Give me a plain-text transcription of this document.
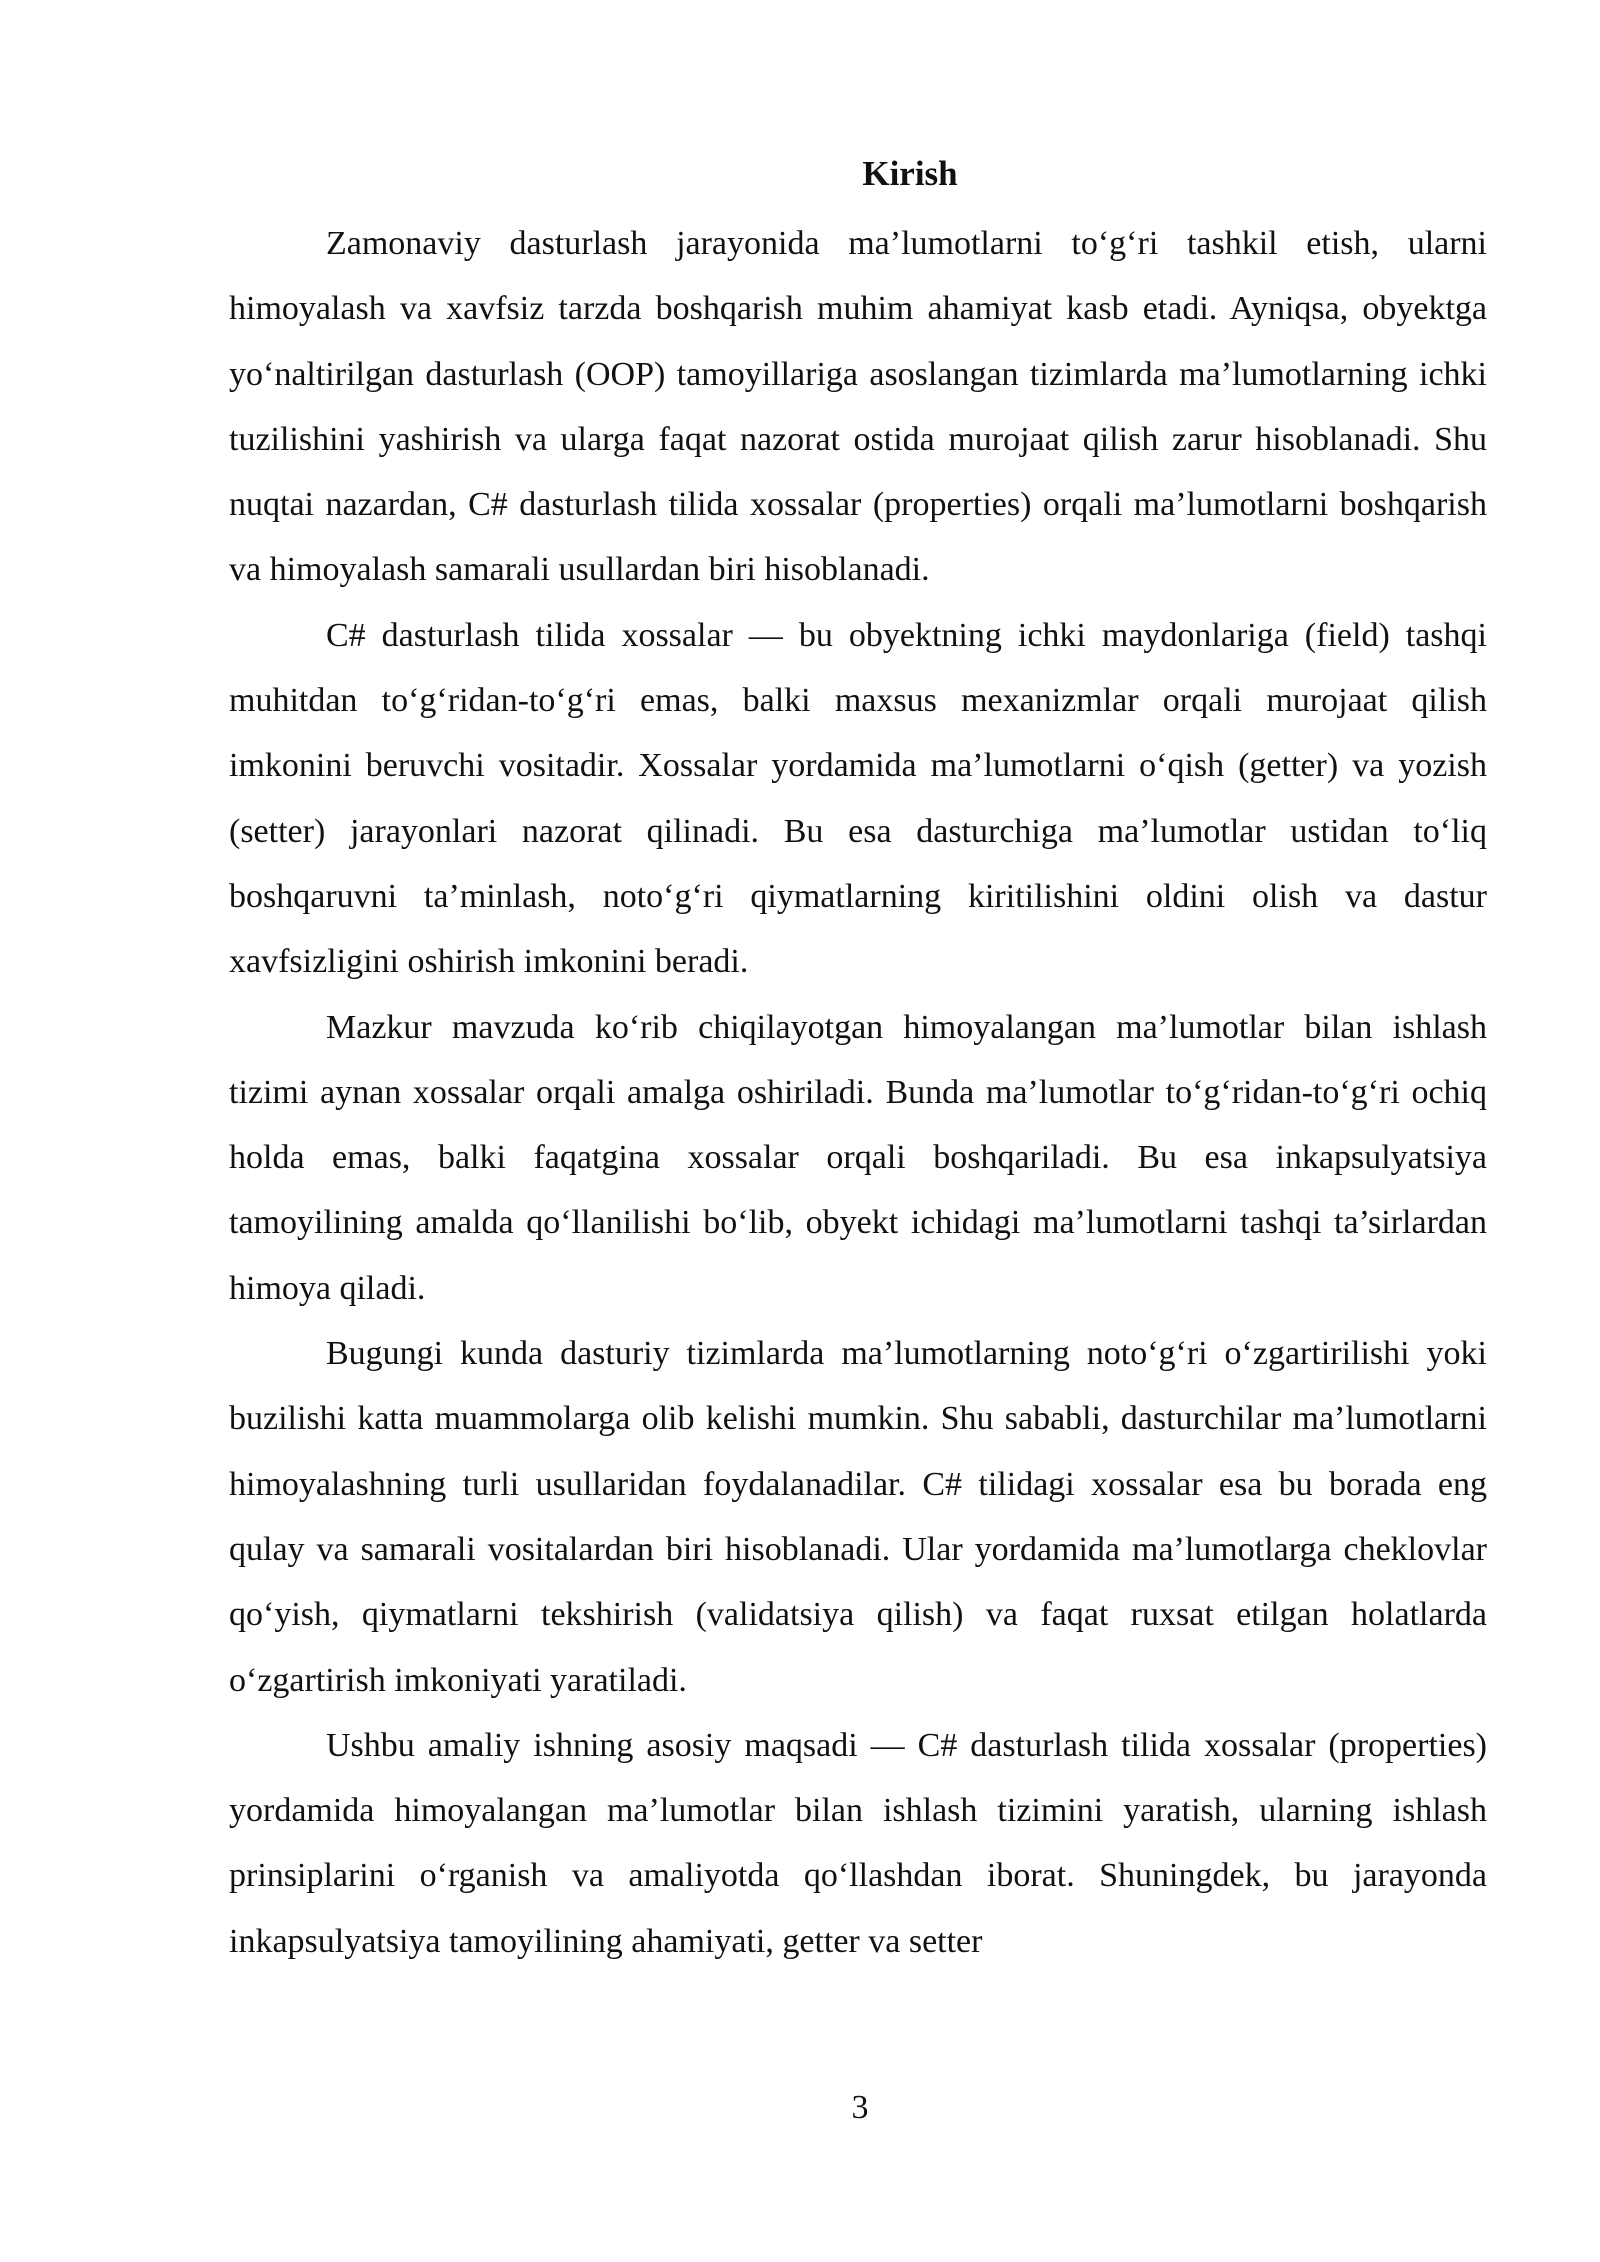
Kirish

Zamonaviy dasturlash jarayonida ma’lumotlarni to‘g‘ri tashkil etish, ularni himoyalash va xavfsiz tarzda boshqarish muhim ahamiyat kasb etadi. Ayniqsa, obyektga yo‘naltirilgan dasturlash (OOP) tamoyillariga asoslangan tizimlarda ma’lumotlarning ichki tuzilishini yashirish va ularga faqat nazorat ostida murojaat qilish zarur hisoblanadi. Shu nuqtai nazardan, C# dasturlash tilida xossalar (properties) orqali ma’lumotlarni boshqarish va himoyalash samarali usullardan biri hisoblanadi.

C# dasturlash tilida xossalar — bu obyektning ichki maydonlariga (field) tashqi muhitdan to‘g‘ridan-to‘g‘ri emas, balki maxsus mexanizmlar orqali murojaat qilish imkonini beruvchi vositadir. Xossalar yordamida ma’lumotlarni o‘qish (getter) va yozish (setter) jarayonlari nazorat qilinadi. Bu esa dasturchiga ma’lumotlar ustidan to‘liq boshqaruvni ta’minlash, noto‘g‘ri qiymatlarning kiritilishini oldini olish va dastur xavfsizligini oshirish imkonini beradi.

Mazkur mavzuda ko‘rib chiqilayotgan himoyalangan ma’lumotlar bilan ishlash tizimi aynan xossalar orqali amalga oshiriladi. Bunda ma’lumotlar to‘g‘ridan-to‘g‘ri ochiq holda emas, balki faqatgina xossalar orqali boshqariladi. Bu esa inkapsulyatsiya tamoyilining amalda qo‘llanilishi bo‘lib, obyekt ichidagi ma’lumotlarni tashqi ta’sirlardan himoya qiladi.

Bugungi kunda dasturiy tizimlarda ma’lumotlarning noto‘g‘ri o‘zgartirilishi yoki buzilishi katta muammolarga olib kelishi mumkin. Shu sababli, dasturchilar ma’lumotlarni himoyalashning turli usullaridan foydalanadilar. C# tilidagi xossalar esa bu borada eng qulay va samarali vositalardan biri hisoblanadi. Ular yordamida ma’lumotlarga cheklovlar qo‘yish, qiymatlarni tekshirish (validatsiya qilish) va faqat ruxsat etilgan holatlarda o‘zgartirish imkoniyati yaratiladi.

Ushbu amaliy ishning asosiy maqsadi — C# dasturlash tilida xossalar (properties) yordamida himoyalangan ma’lumotlar bilan ishlash tizimini yaratish, ularning ishlash prinsiplarini o‘rganish va amaliyotda qo‘llashdan iborat. Shuningdek, bu jarayonda inkapsulyatsiya tamoyilining ahamiyati, getter va setter

3
